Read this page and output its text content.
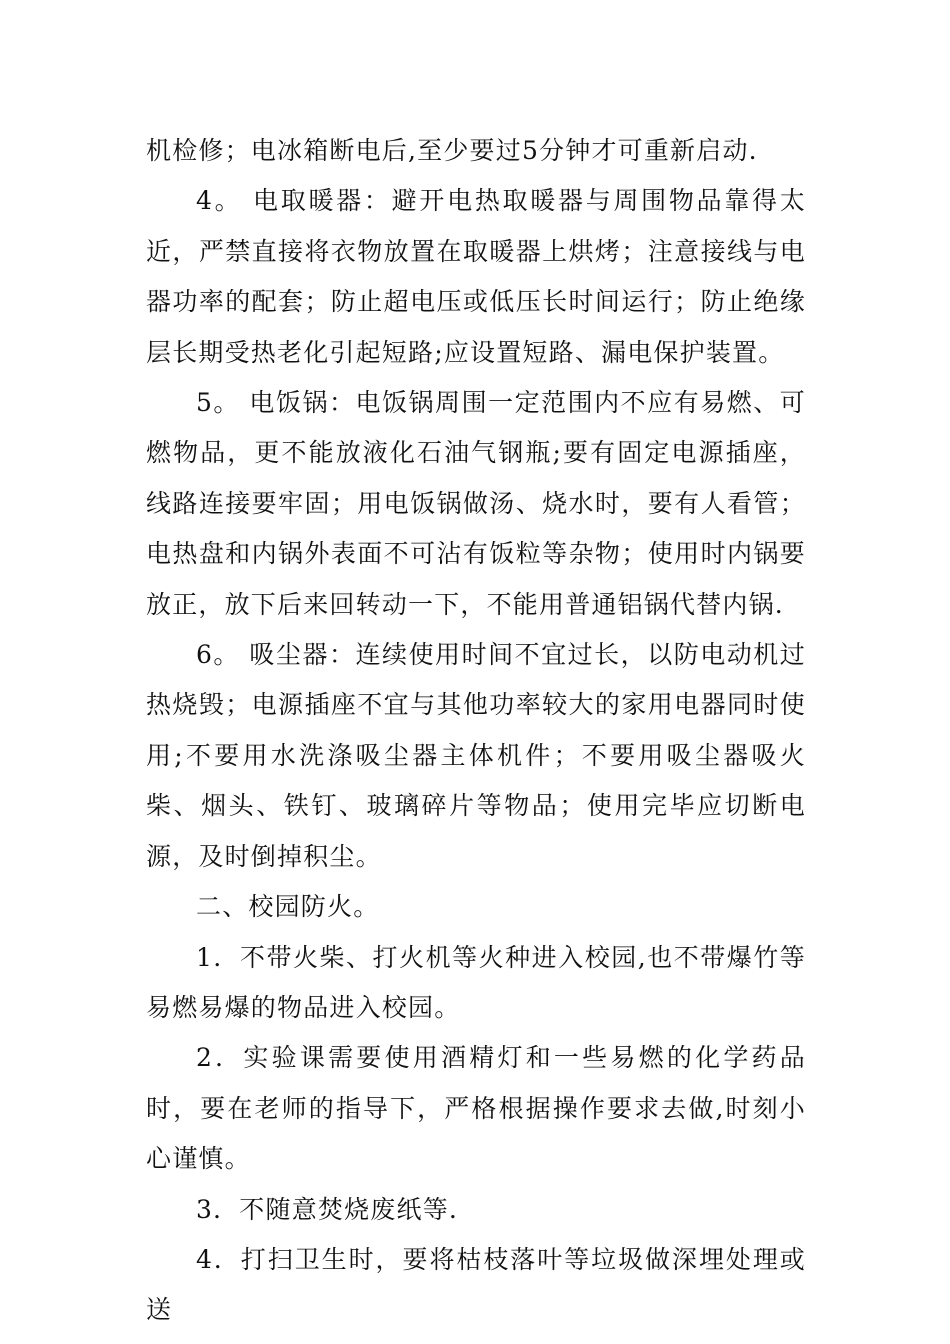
机检修；电冰箱断电后,至少要过5分钟才可重新启动.

4。 电取暖器：避开电热取暖器与周围物品靠得太近，严禁直接将衣物放置在取暖器上烘烤；注意接线与电器功率的配套；防止超电压或低压长时间运行；防止绝缘层长期受热老化引起短路;应设置短路、漏电保护装置。

5。 电饭锅：电饭锅周围一定范围内不应有易燃、可燃物品，更不能放液化石油气钢瓶;要有固定电源插座，线路连接要牢固；用电饭锅做汤、烧水时，要有人看管；电热盘和内锅外表面不可沾有饭粒等杂物；使用时内锅要放正，放下后来回转动一下，不能用普通铝锅代替内锅.

6。 吸尘器：连续使用时间不宜过长，以防电动机过热烧毁；电源插座不宜与其他功率较大的家用电器同时使用;不要用水洗涤吸尘器主体机件；不要用吸尘器吸火柴、烟头、铁钉、玻璃碎片等物品；使用完毕应切断电源，及时倒掉积尘。

二、校园防火。

1．不带火柴、打火机等火种进入校园,也不带爆竹等易燃易爆的物品进入校园。

2．实验课需要使用酒精灯和一些易燃的化学药品时，要在老师的指导下，严格根据操作要求去做,时刻小心谨慎。

3．不随意焚烧废纸等.

4．打扫卫生时，要将枯枝落叶等垃圾做深埋处理或送
